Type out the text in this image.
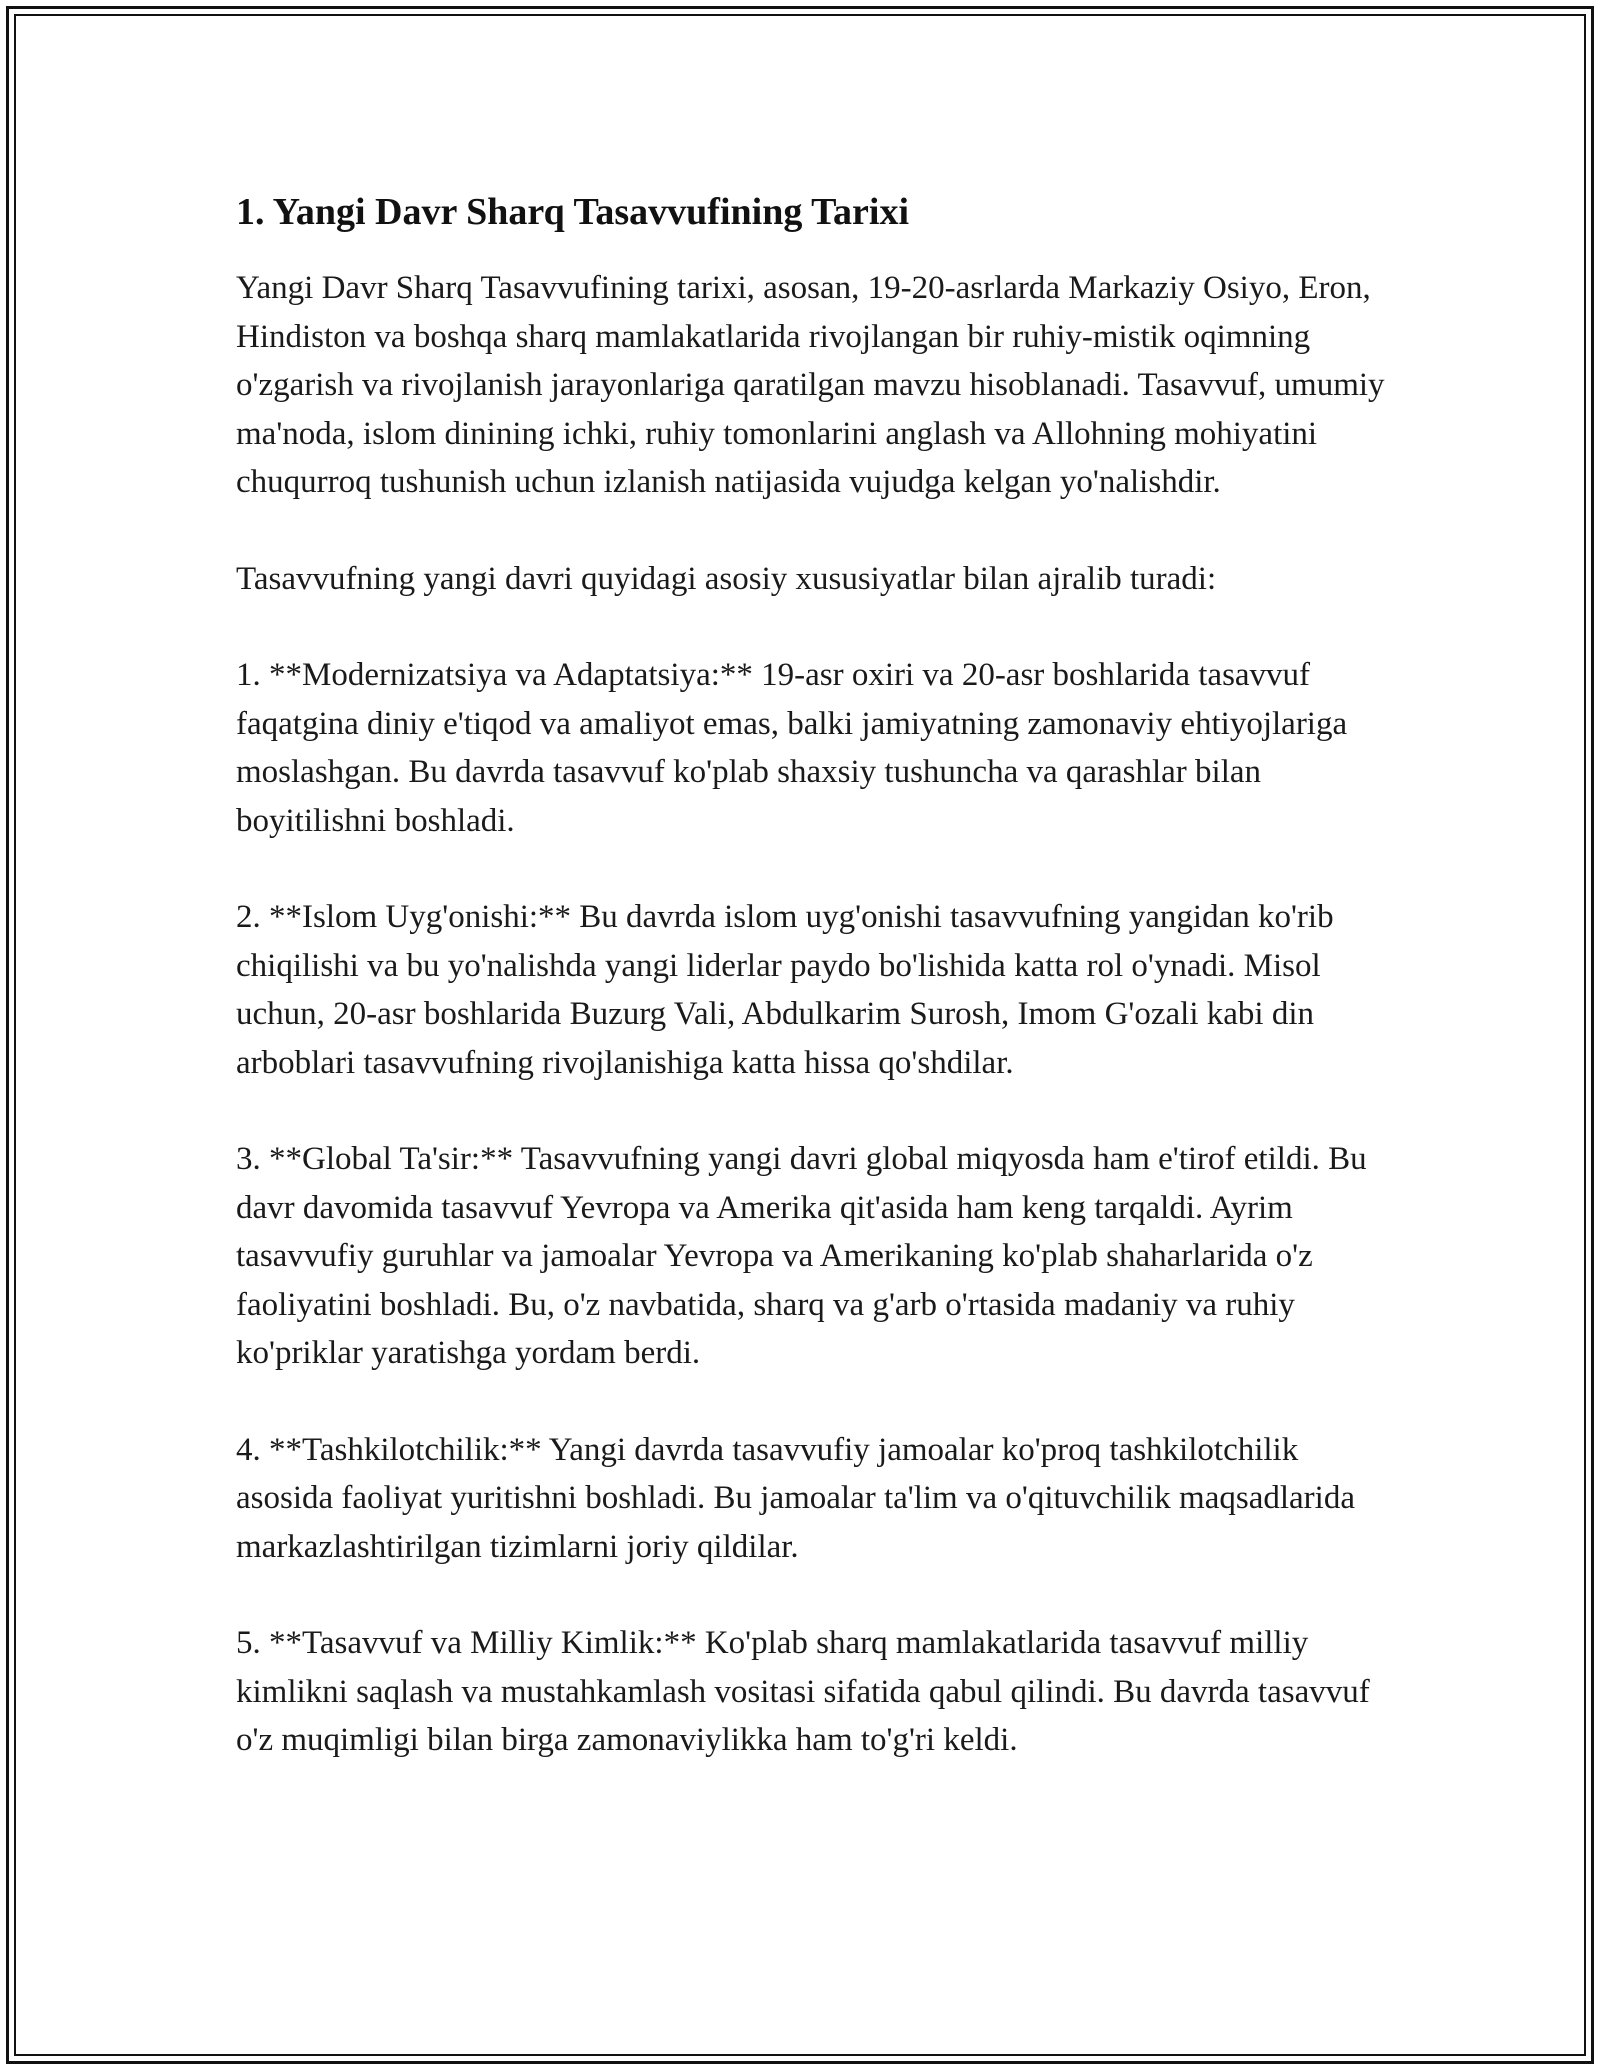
1. Yangi Davr Sharq Tasavvufining Tarixi

Yangi Davr Sharq Tasavvufining tarixi, asosan, 19-20-asrlarda Markaziy Osiyo, Eron, Hindiston va boshqa sharq mamlakatlarida rivojlangan bir ruhiy-mistik oqimning o'zgarish va rivojlanish jarayonlariga qaratilgan mavzu hisoblanadi. Tasavvuf, umumiy ma'noda, islom dinining ichki, ruhiy tomonlarini anglash va Allohning mohiyatini chuqurroq tushunish uchun izlanish natijasida vujudga kelgan yo'nalishdir.

Tasavvufning yangi davri quyidagi asosiy xususiyatlar bilan ajralib turadi:

1. **Modernizatsiya va Adaptatsiya:** 19-asr oxiri va 20-asr boshlarida tasavvuf faqatgina diniy e'tiqod va amaliyot emas, balki jamiyatning zamonaviy ehtiyojlariga moslashgan. Bu davrda tasavvuf ko'plab shaxsiy tushuncha va qarashlar bilan boyitilishni boshladi.

2. **Islom Uyg'onishi:** Bu davrda islom uyg'onishi tasavvufning yangidan ko'rib chiqilishi va bu yo'nalishda yangi liderlar paydo bo'lishida katta rol o'ynadi. Misol uchun, 20-asr boshlarida Buzurg Vali, Abdulkarim Surosh, Imom G'ozali kabi din arboblari tasavvufning rivojlanishiga katta hissa qo'shdilar.

3. **Global Ta'sir:** Tasavvufning yangi davri global miqyosda ham e'tirof etildi. Bu davr davomida tasavvuf Yevropa va Amerika qit'asida ham keng tarqaldi. Ayrim tasavvufiy guruhlar va jamoalar Yevropa va Amerikaning ko'plab shaharlarida o'z faoliyatini boshladi. Bu, o'z navbatida, sharq va g'arb o'rtasida madaniy va ruhiy ko'priklar yaratishga yordam berdi.

4. **Tashkilotchilik:** Yangi davrda tasavvufiy jamoalar ko'proq tashkilotchilik asosida faoliyat yuritishni boshladi. Bu jamoalar ta'lim va o'qituvchilik maqsadlarida markazlashtirilgan tizimlarni joriy qildilar.

5. **Tasavvuf va Milliy Kimlik:** Ko'plab sharq mamlakatlarida tasavvuf milliy kimlikni saqlash va mustahkamlash vositasi sifatida qabul qilindi. Bu davrda tasavvuf o'z muqimligi bilan birga zamonaviylikka ham to'g'ri keldi.
